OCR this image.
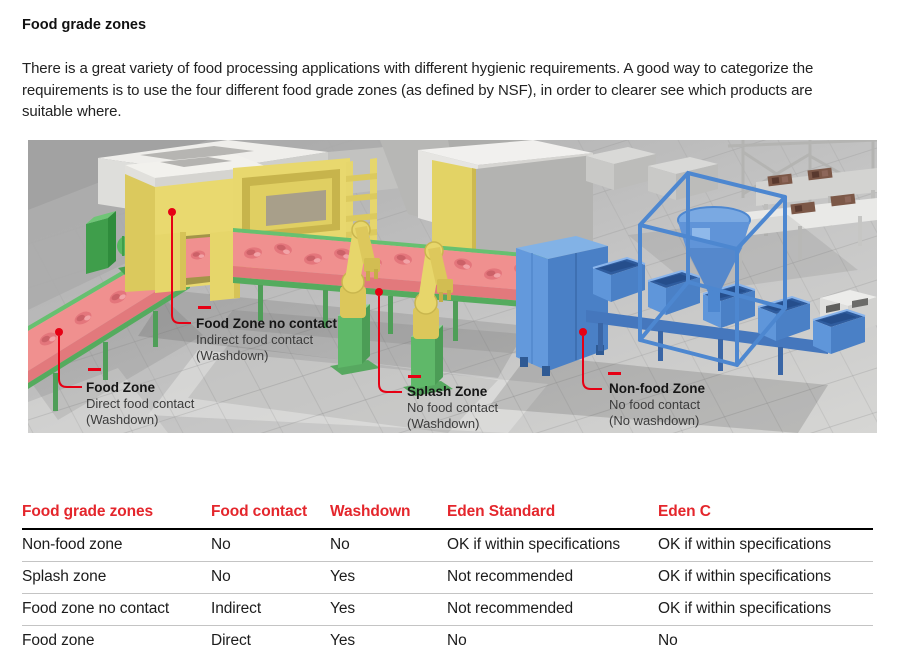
Food grade zones

There is a great variety of food processing applications with different hygienic requirements. A good way to categorize the requirements is to use the four different food grade zones (as defined by NSF), in order to clearer see which products are suitable where.

Food Zone
Direct food contact
(Washdown)
Food Zone no contact
Indirect food contact
(Washdown)
Splash Zone
No food contact
(Washdown)
Non-food Zone
No food contact
(No washdown)
Food grade zones	Food contact	Washdown	Eden Standard	Eden C
Non-food zone	No	No	OK if within specifications	OK if within specifications
Splash zone	No	Yes	Not recommended	OK if within specifications
Food zone no contact	Indirect	Yes	Not recommended	OK if within specifications
Food zone	Direct	Yes	No	No
